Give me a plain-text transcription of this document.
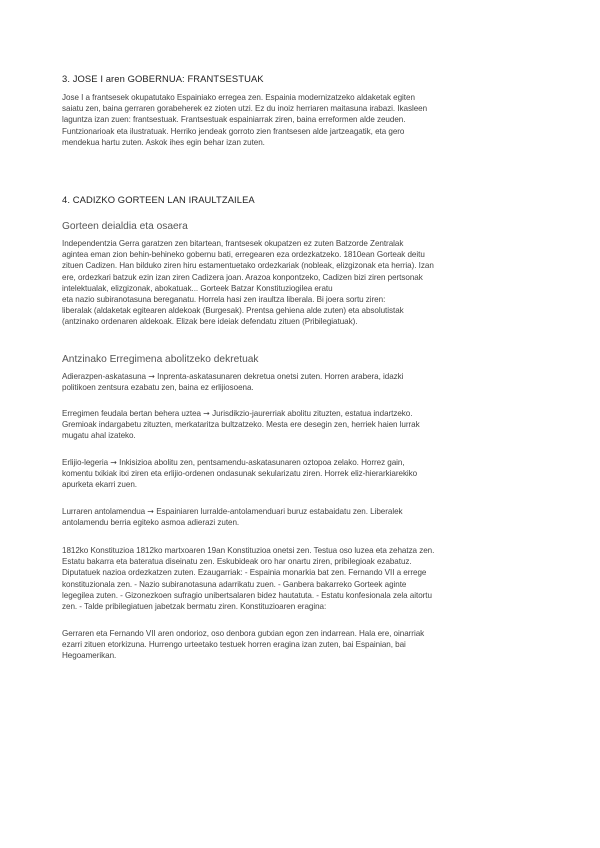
3. JOSE I aren GOBERNUA: FRANTSESTUAK
Jose I a frantsesek okupatutako Espainiako erregea zen. Espainia modernizatzeko aldaketak egiten
saiatu zen, baina gerraren gorabeherek ez zioten utzi. Ez du inoiz herriaren maitasuna irabazi. Ikasleen
laguntza izan zuen: frantsestuak. Frantsestuak espainiarrak ziren, baina erreformen alde zeuden.
Funtzionarioak eta ilustratuak. Herriko jendeak gorroto zien frantsesen alde jartzeagatik, eta gero
mendekua hartu zuten. Askok ihes egin behar izan zuten.
4. CADIZKO GORTEEN LAN IRAULTZAILEA
Gorteen deialdia eta osaera
Independentzia Gerra garatzen zen bitartean, frantsesek okupatzen ez zuten Batzorde Zentralak
agintea eman zion behin-behineko gobernu bati, erregearen eza ordezkatzeko. 1810ean Gorteak deitu
zituen Cadizen. Han bilduko ziren hiru estamentuetako ordezkariak (nobleak, elizgizonak eta herria). Izan
ere, ordezkari batzuk ezin izan ziren Cadizera joan. Arazoa konpontzeko, Cadizen bizi ziren pertsonak
intelektualak, elizgizonak, abokatuak... Gorteek Batzar Konstituziogilea eratu
eta nazio subiranotasuna bereganatu. Horrela hasi zen iraultza liberala. Bi joera sortu ziren:
liberalak (aldaketak egitearen aldekoak (Burgesak). Prentsa gehiena alde zuten) eta absolutistak
(antzinako ordenaren aldekoak. Elizak bere ideiak defendatu zituen (Pribilegiatuak).
Antzinako Erregimena abolitzeko dekretuak
Adierazpen-askatasuna ➞ Inprenta-askatasunaren dekretua onetsi zuten. Horren arabera, idazki
politikoen zentsura ezabatu zen, baina ez erlijiosoena.
Erregimen feudala bertan behera uztea ➞ Jurisdikzio-jaurerriak abolitu zituzten, estatua indartzeko.
Gremioak indargabetu zituzten, merkataritza bultzatzeko. Mesta ere desegin zen, herriek haien lurrak
mugatu ahal izateko.
Erlijio-legeria ➞ Inkisizioa abolitu zen, pentsamendu-askatasunaren oztopoa zelako. Horrez gain,
komentu txikiak itxi ziren eta erlijio-ordenen ondasunak sekularizatu ziren. Horrek eliz-hierarkiarekiko
apurketa ekarri zuen.
Lurraren antolamendua ➞ Espainiaren lurralde-antolamenduari buruz estabaidatu zen. Liberalek
antolamendu berria egiteko asmoa adierazi zuten.
1812ko Konstituzioa 1812ko martxoaren 19an Konstituzioa onetsi zen. Testua oso luzea eta zehatza zen.
Estatu bakarra eta bateratua diseinatu zen. Eskubideak oro har onartu ziren, pribilegioak ezabatuz.
Diputatuek nazioa ordezkatzen zuten. Ezaugarriak: - Espainia monarkia bat zen. Fernando VII a errege
konstituzionala zen. - Nazio subiranotasuna adarrikatu zuen. - Ganbera bakarreko Gorteek aginte
legegilea zuten. - Gizonezkoen sufragio unibertsalaren bidez hautatuta. - Estatu konfesionala zela aitortu
zen. - Talde pribilegiatuen jabetzak bermatu ziren. Konstituzioaren eragina:
Gerraren eta Fernando VII aren ondorioz, oso denbora gutxian egon zen indarrean. Hala ere, oinarriak
ezarri zituen etorkizuna. Hurrengo urteetako testuek horren eragina izan zuten, bai Espainian, bai
Hegoamerikan.
